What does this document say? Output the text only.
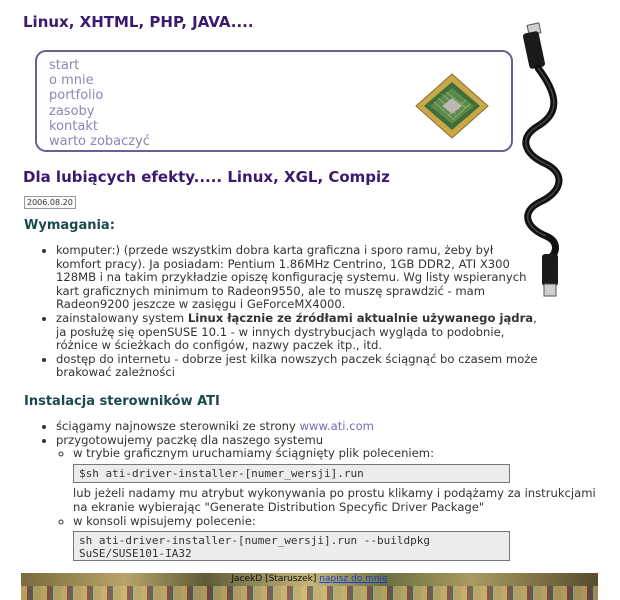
Linux, XHTML, PHP, JAVA....
start
o mnie
portfolio
zasoby
kontakt
warto zobaczyć
Dla lubiących efekty..... Linux, XGL, Compiz
2006.08.20
Wymagania:
• komputer:) (przede wszystkim dobra karta graficzna i sporo ramu, żeby był komfort pracy). Ja posiadam: Pentium 1.86MHz Centrino, 1GB DDR2, ATI X300 128MB i na takim przykładzie opiszę konfigurację systemu. Wg listy wspieranych kart graficznych minimum to Radeon9550, ale to muszę sprawdzić - mam Radeon9200 jeszcze w zasięgu i GeForceMX4000.
• zainstalowany system Linux łącznie ze źródłami aktualnie używanego jądra, ja posłużę się openSUSE 10.1 - w innych dystrybucjach wygląda to podobnie, różnice w ścieżkach do configów, nazwy paczek itp., itd.
• dostęp do internetu - dobrze jest kilka nowszych paczek ściągnąć bo czasem może brakować zależności
Instalacja sterowników ATI
• ściągamy najnowsze sterowniki ze strony www.ati.com
• przygotowujemy paczkę dla naszego systemu
◦ w trybie graficznym uruchamiamy ściągnięty plik poleceniem:
$sh ati-driver-installer-[numer_wersji].run
lub jeżeli nadamy mu atrybut wykonywania po prostu klikamy i podążamy za instrukcjami na ekranie wybierając "Generate Distribution Specyfic Driver Package"
◦ w konsoli wpisujemy polecenie:
sh ati-driver-installer-[numer_wersji].run --buildpkg SuSE/SUSE101-IA32
JacekD [Staruszek] napisz do mnie
